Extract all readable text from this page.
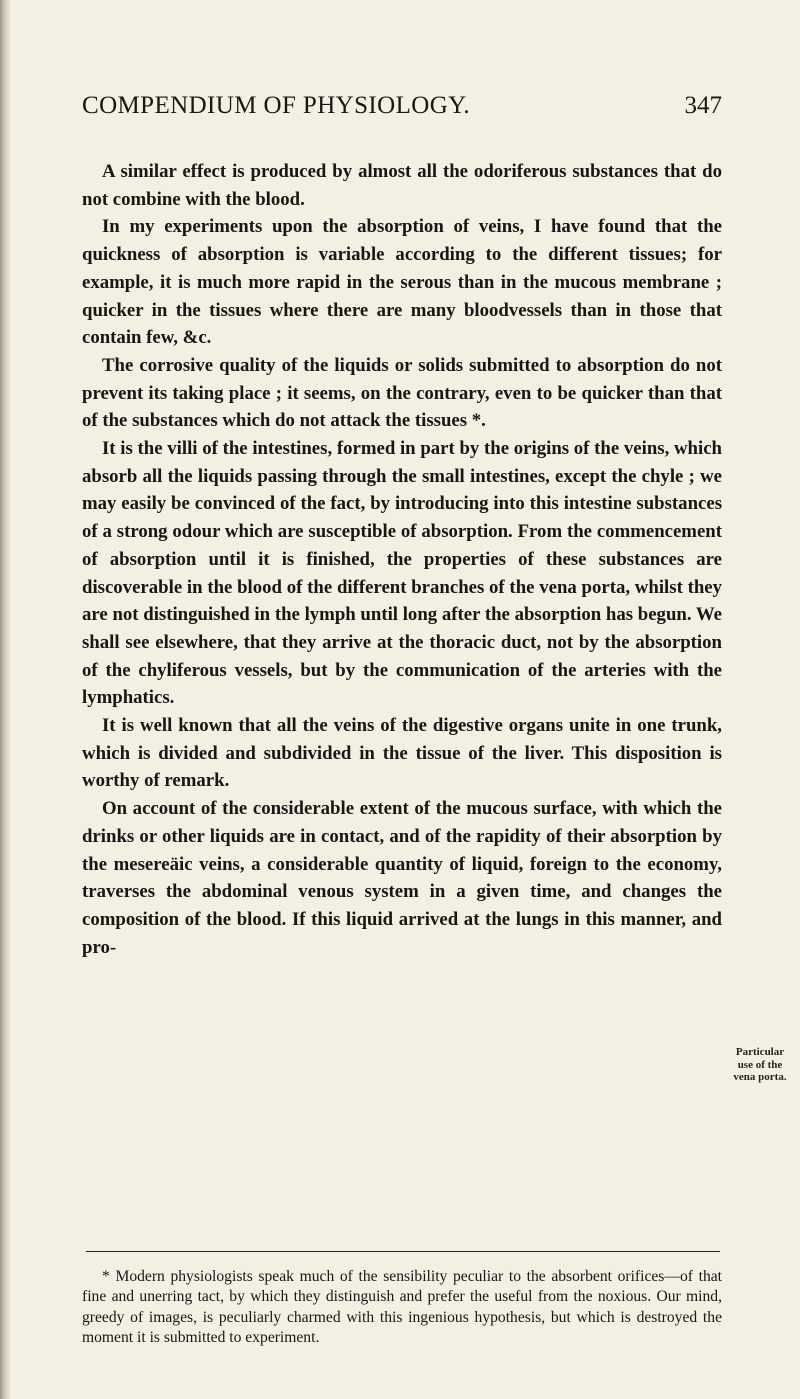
COMPENDIUM OF PHYSIOLOGY.	347

A similar effect is produced by almost all the odoriferous substances that do not combine with the blood.

In my experiments upon the absorption of veins, I have found that the quickness of absorption is variable according to the different tissues; for example, it is much more rapid in the serous than in the mucous membrane ; quicker in the tissues where there are many bloodvessels than in those that contain few, &c.

The corrosive quality of the liquids or solids submitted to absorption do not prevent its taking place ; it seems, on the contrary, even to be quicker than that of the substances which do not attack the tissues *.

It is the villi of the intestines, formed in part by the origins of the veins, which absorb all the liquids passing through the small intestines, except the chyle ; we may easily be convinced of the fact, by introducing into this intestine substances of a strong odour which are susceptible of absorption. From the commencement of absorption until it is finished, the properties of these substances are discoverable in the blood of the different branches of the vena porta, whilst they are not distinguished in the lymph until long after the absorption has begun. We shall see elsewhere, that they arrive at the thoracic duct, not by the absorption of the chyliferous vessels, but by the communication of the arteries with the lymphatics.

It is well known that all the veins of the digestive organs unite in one trunk, which is divided and subdivided in the tissue of the liver. This disposition is worthy of remark.

On account of the considerable extent of the mucous surface, with which the drinks or other liquids are in contact, and of the rapidity of their absorption by the mesereäic veins, a considerable quantity of liquid, foreign to the economy, traverses the abdominal venous system in a given time, and changes the composition of the blood. If this liquid arrived at the lungs in this manner, and pro-

Particular use of the vena porta.

* Modern physiologists speak much of the sensibility peculiar to the absorbent orifices—of that fine and unerring tact, by which they distinguish and prefer the useful from the noxious. Our mind, greedy of images, is peculiarly charmed with this ingenious hypothesis, but which is destroyed the moment it is submitted to experiment.
